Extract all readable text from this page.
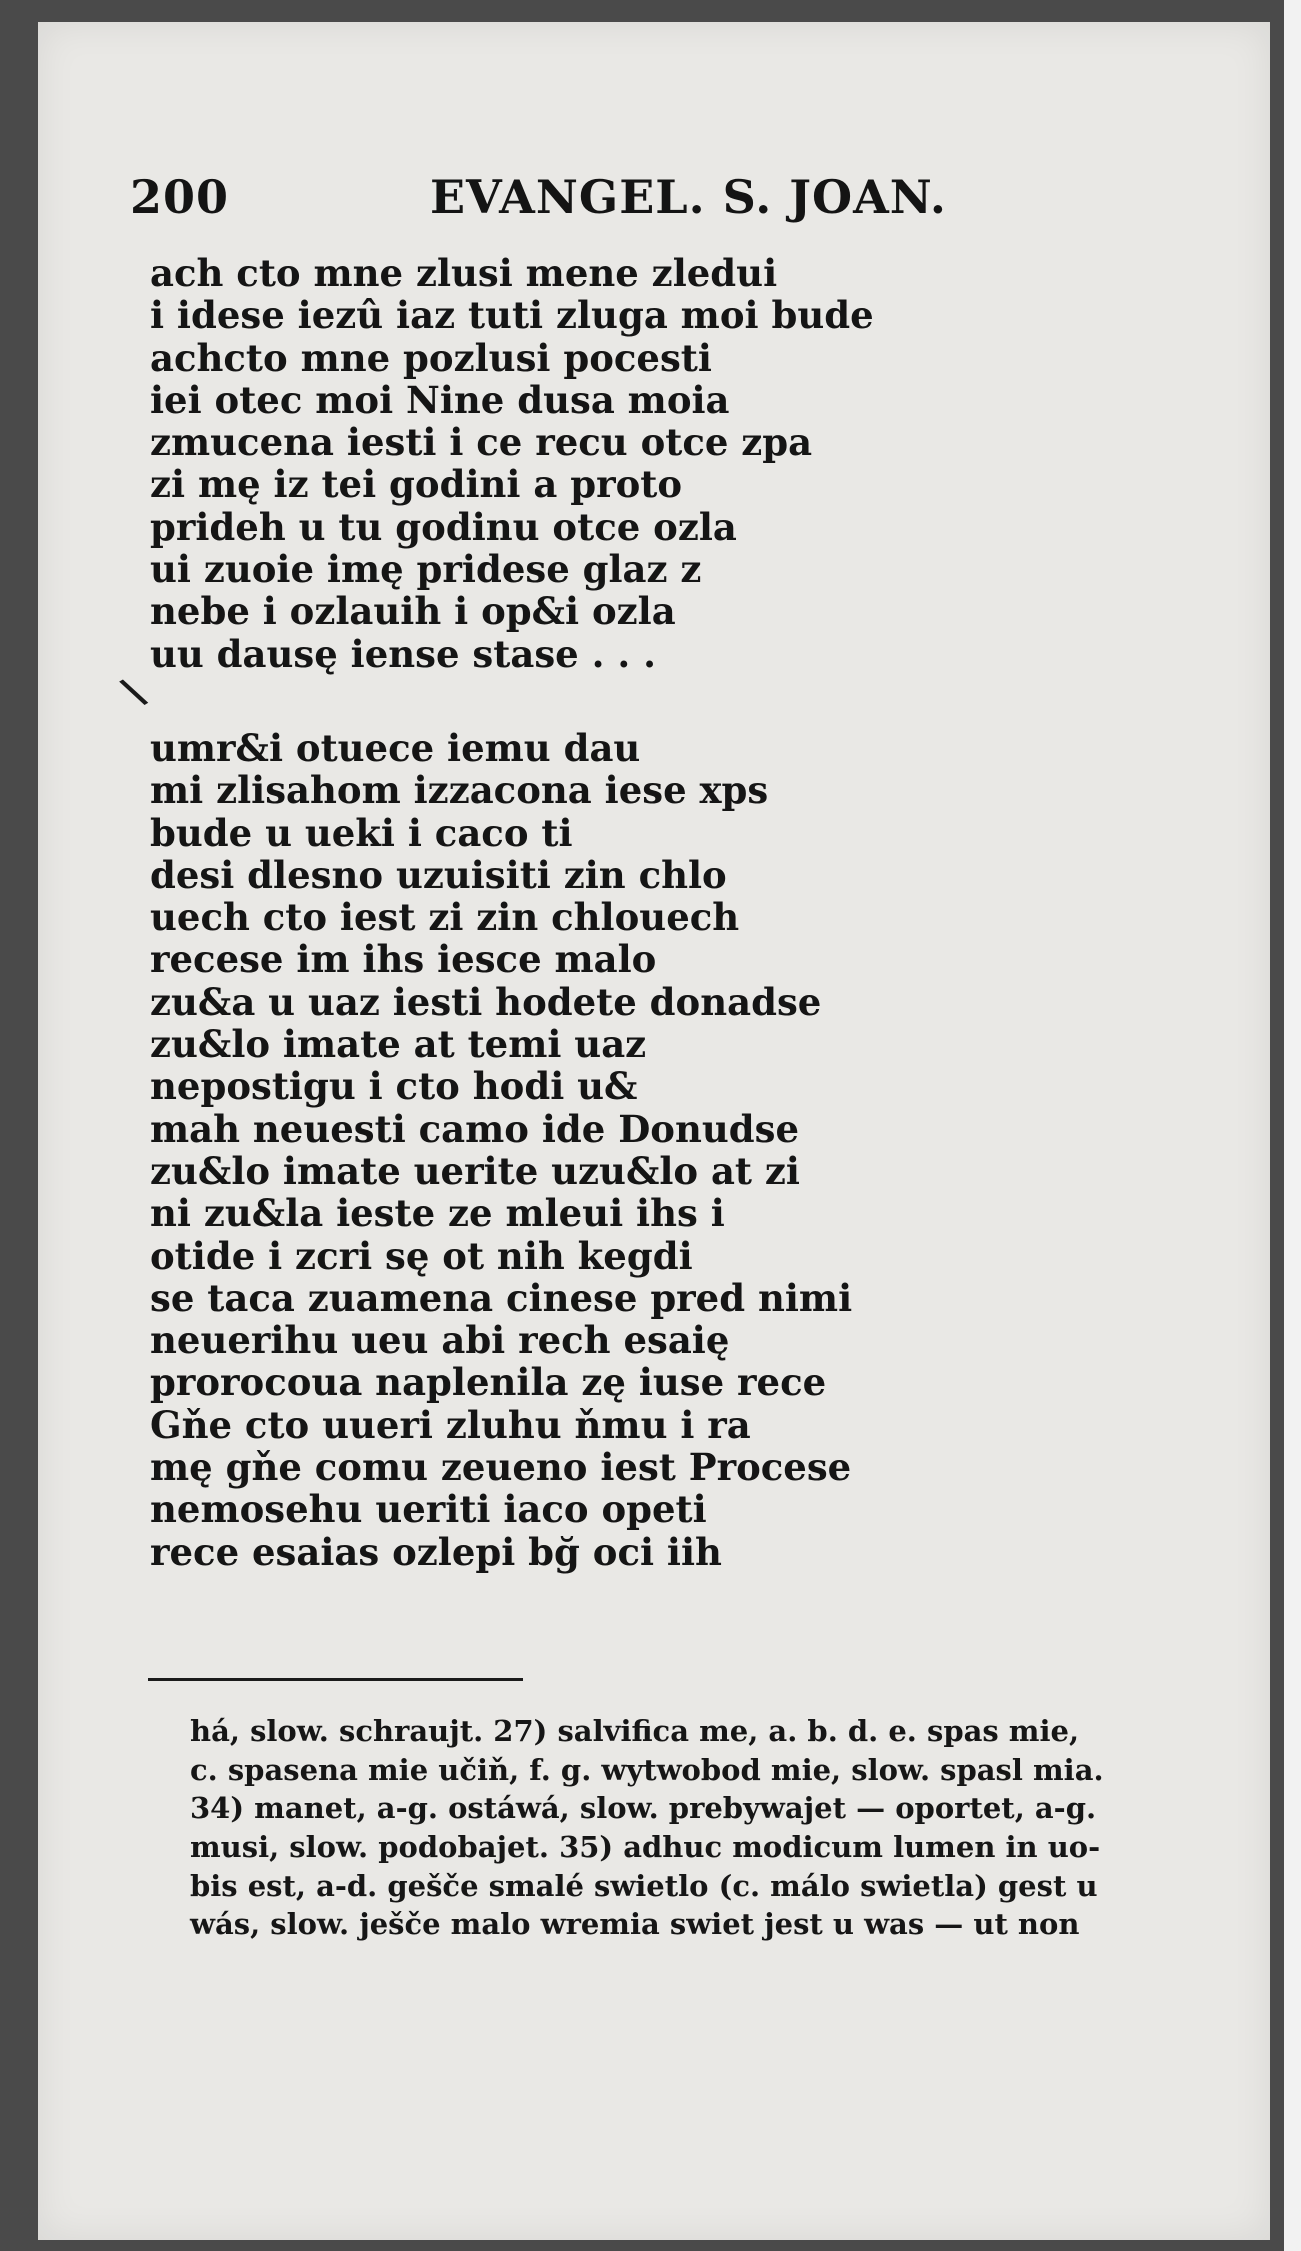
200	EVANGEL. S. JOAN.
\
ach cto mne zlusi mene zledui
i idese iezû iaz tuti zluga moi bude
achcto mne pozlusi pocesti
iei otec moi Nine dusa moia
zmucena iesti i ce recu otce zpa
zi mę iz tei godini a proto
prideh u tu godinu otce ozla
ui zuoie imę pridese glaz z
nebe i ozlauih i op&i ozla
uu dausę iense stase . . .
umr&i otuece iemu dau
mi zlisahom izzacona iese xps
bude u ueki i caco ti
desi dlesno uzuisiti zin chlo
uech cto iest zi zin chlouech
recese im ihs iesce malo
zu&a u uaz iesti hodete donadse
zu&lo imate at temi uaz
nepostigu i cto hodi u&
mah neuesti camo ide Donudse
zu&lo imate uerite uzu&lo at zi
ni zu&la ieste ze mleui ihs i
otide i zcri sę ot nih kegdi
se taca zuamena cinese pred nimi
neuerihu ueu abi rech esaię
prorocoua naplenila zę iuse rece
Gňe cto uueri zluhu ňmu i ra
mę gňe comu zeueno iest Procese
nemosehu ueriti iaco opeti
rece esaias ozlepi bğ oci iih
há, slow. schraujt. 27) salvifica me, a. b. d. e. spas mie,
c. spasena mie učiň, f. g. wytwobod mie, slow. spasl mia.
34) manet, a-g. ostáwá, slow. prebywajet — oportet, a-g.
musi, slow. podobajet. 35) adhuc modicum lumen in uo-
bis est, a-d. gešče smalé swietlo (c. málo swietla) gest u
wás, slow. ješče malo wremia swiet jest u was — ut non
